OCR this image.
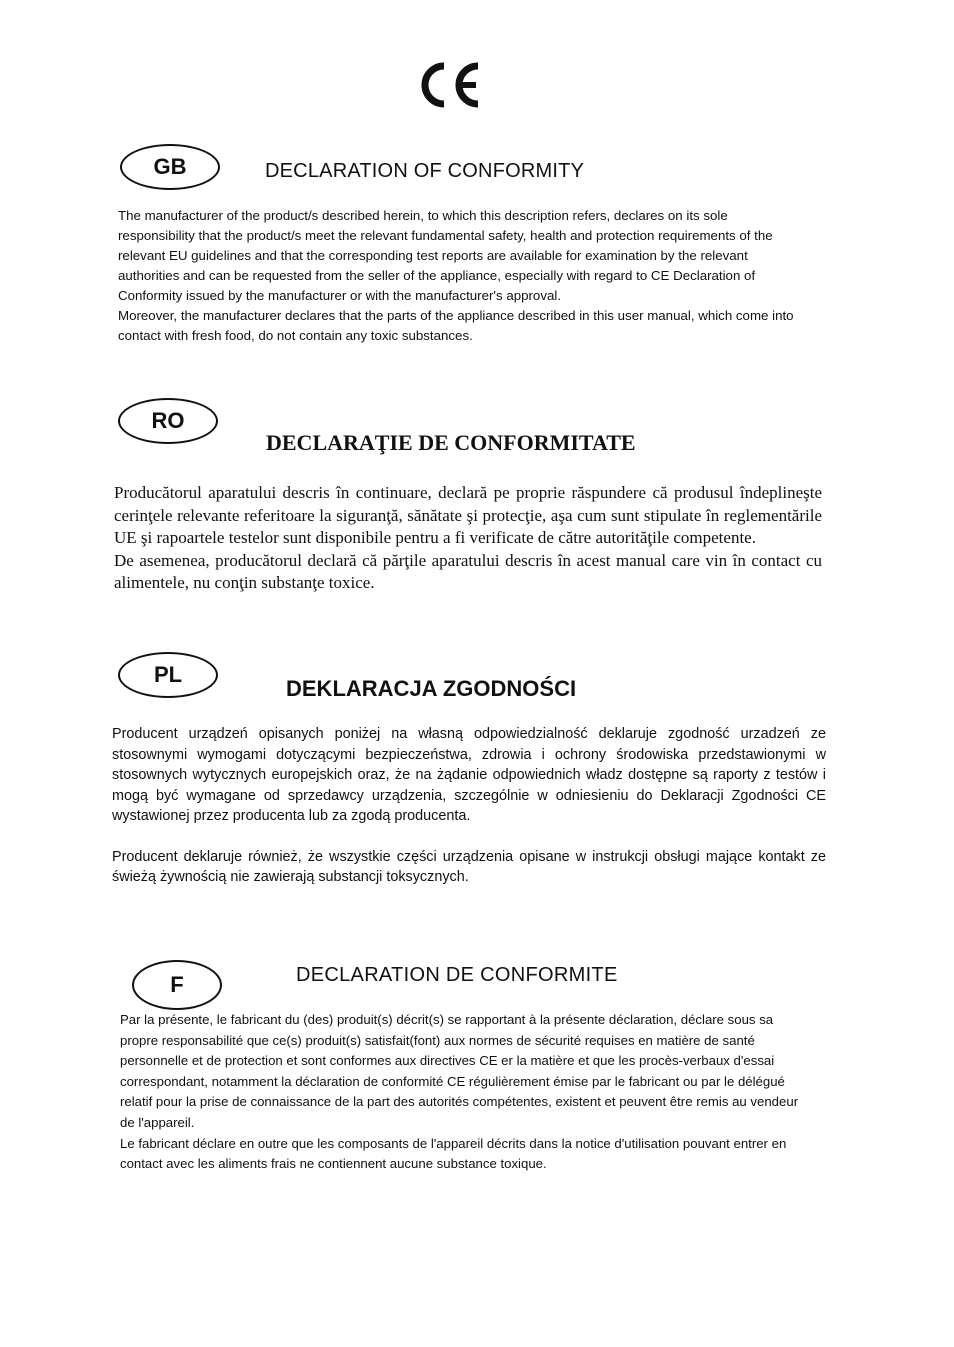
GB	DECLARATION OF CONFORMITY

The manufacturer of the product/s described herein, to which this description refers, declares on its sole responsibility that the product/s meet the relevant fundamental safety, health and protection requirements of the relevant EU guidelines and that the corresponding test reports are available for examination by the relevant authorities and can be requested from the seller of the appliance, especially with regard to CE Declaration of Conformity issued by the manufacturer or with the manufacturer's approval.

Moreover, the manufacturer declares that the parts of the appliance described in this user manual, which come into contact with fresh food, do not contain any toxic substances.

RO
DECLARAŢIE DE CONFORMITATE

Producătorul aparatului descris în continuare, declară pe proprie răspundere că produsul îndeplineşte cerinţele relevante referitoare la siguranţă, sănătate şi protecţie, aşa cum sunt stipulate în reglementările UE şi rapoartele testelor sunt disponibile pentru a fi verificate de către autorităţile competente.

De asemenea, producătorul declară că părţile aparatului descris în acest manual care vin în contact cu alimentele, nu conţin substanţe toxice.

PL
DEKLARACJA ZGODNOŚCI

Producent urządzeń opisanych poniżej na własną odpowiedzialność deklaruje zgodność urzadzeń ze stosownymi wymogami dotyczącymi bezpieczeństwa, zdrowia i ochrony środowiska przedstawionymi w stosownych wytycznych europejskich oraz, że na żądanie odpowiednich władz dostępne są raporty z testów i mogą być wymagane od sprzedawcy urządzenia, szczególnie w odniesieniu do Deklaracji Zgodności CE wystawionej przez producenta lub za zgodą producenta.

Producent deklaruje również, że wszystkie części urządzenia opisane w instrukcji obsługi mające kontakt ze świeżą żywnością nie zawierają substancji toksycznych.

F	DECLARATION DE CONFORMITE

Par la présente, le fabricant du (des) produit(s) décrit(s) se rapportant à la présente déclaration, déclare sous sa propre responsabilité que ce(s) produit(s) satisfait(font) aux normes de sécurité requises en matière de santé personnelle et de protection et sont conformes aux directives CE er la matière et que les procès-verbaux d'essai correspondant, notamment la déclaration de conformité CE régulièrement émise par le fabricant ou par le délégué relatif pour la prise de connaissance de la part des autorités compétentes, existent et peuvent être remis au vendeur de l'appareil.

Le fabricant déclare en outre que les composants de l'appareil décrits dans la notice d'utilisation pouvant entrer en contact avec les aliments frais ne contiennent aucune substance toxique.
